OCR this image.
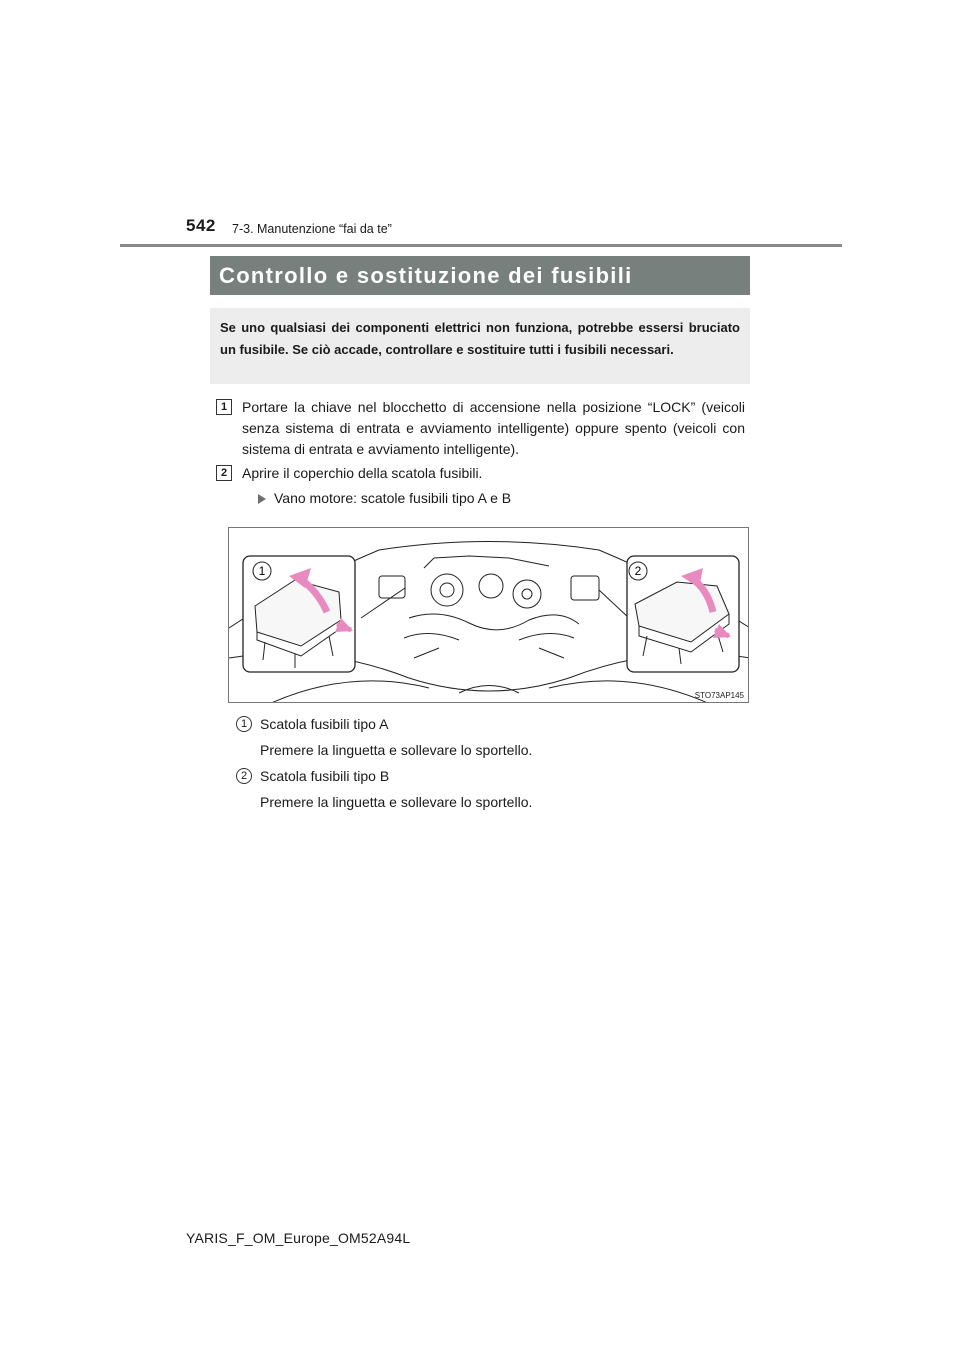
542 7-3. Manutenzione “fai da te”
Controllo e sostituzione dei fusibili
Se uno qualsiasi dei componenti elettrici non funziona, potrebbe essersi bruciato un fusibile. Se ciò accade, controllare e sostituire tutti i fusibili necessari.
1	Portare la chiave nel blocchetto di accensione nella posizione “LOCK” (veicoli senza sistema di entrata e avviamento intelligente) oppure spento (veicoli con sistema di entrata e avviamento intelligente).
2	Aprire il coperchio della scatola fusibili.
Vano motore: scatole fusibili tipo A e B
1	2
STO73AP145
1 Scatola fusibili tipo A
Premere la linguetta e sollevare lo sportello.
2 Scatola fusibili tipo B
Premere la linguetta e sollevare lo sportello.
YARIS_F_OM_Europe_OM52A94L
